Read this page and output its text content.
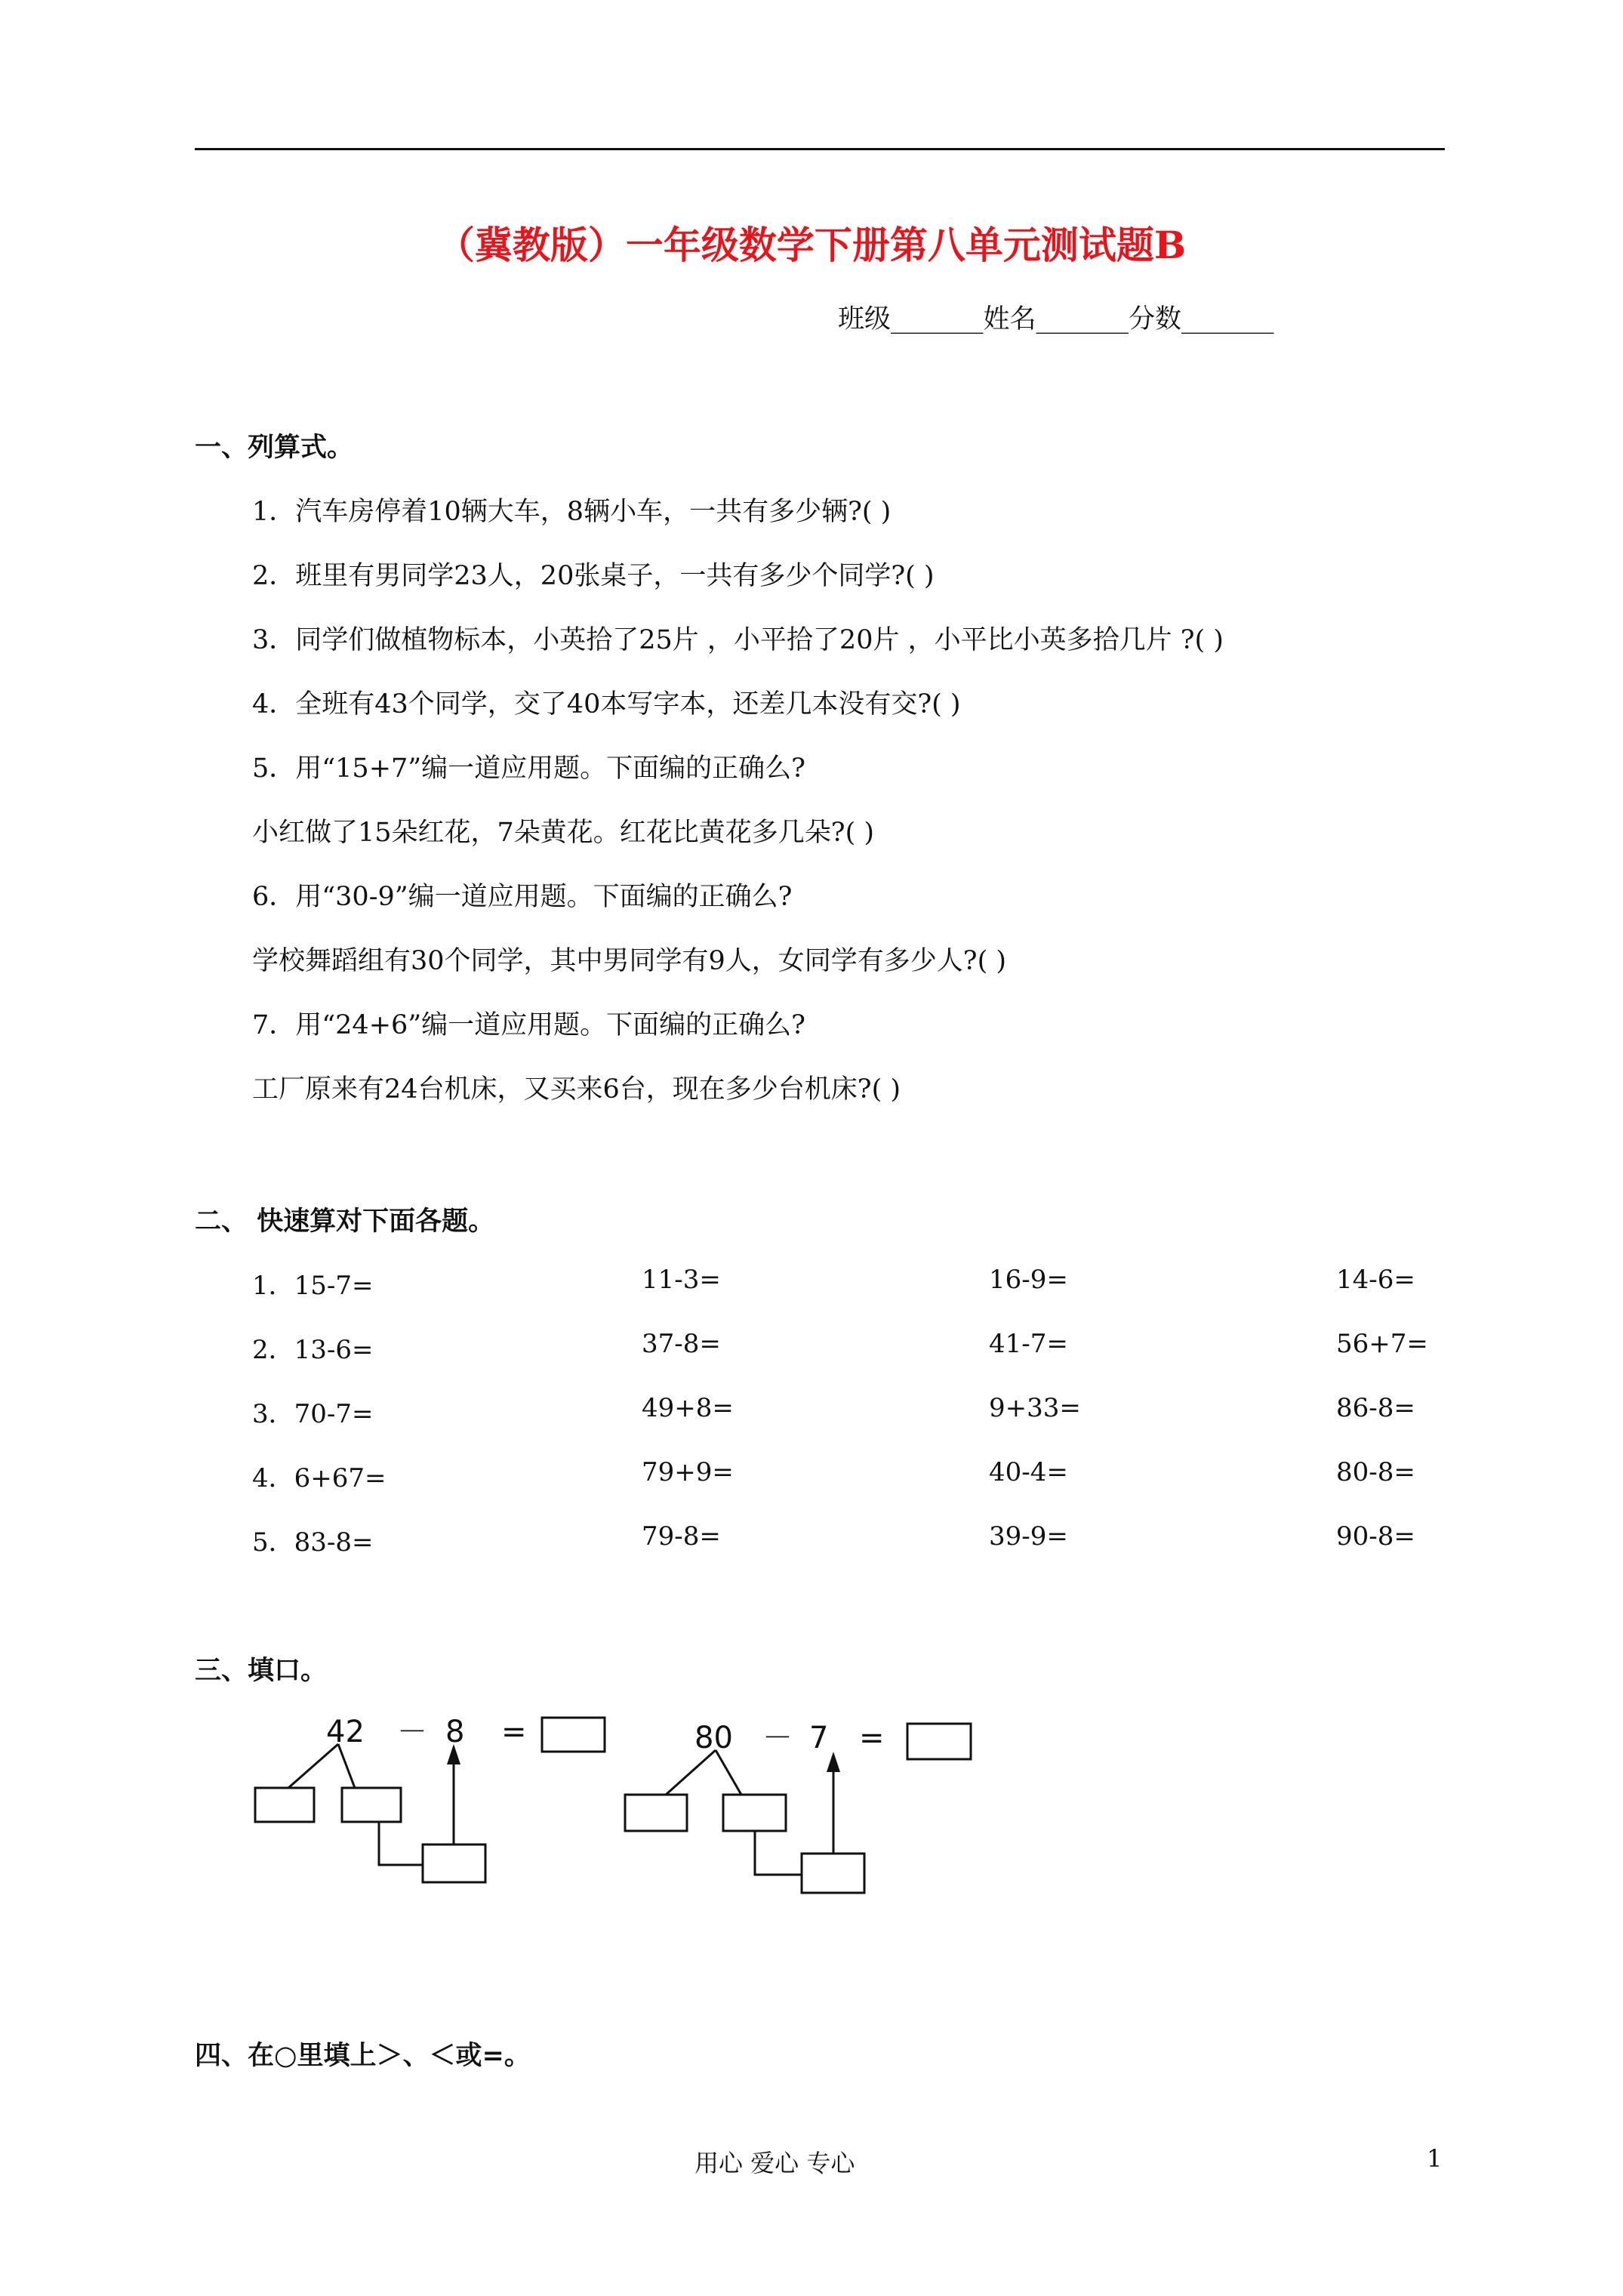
（冀教版）一年级数学下册第八单元测试题B
班级_______姓名_______分数_______
一、列算式。
1．汽车房停着10辆大车，8辆小车，一共有多少辆?( )
2．班里有男同学23人，20张桌子，一共有多少个同学?( )
3．同学们做植物标本，小英拾了25片 ，小平拾了20片 ，小平比小英多拾几片 ?( )
4．全班有43个同学，交了40本写字本，还差几本没有交?( )
5．用“15+7”编一道应用题。下面编的正确么?
小红做了15朵红花，7朵黄花。红花比黄花多几朵?( )
6．用“30-9”编一道应用题。下面编的正确么?
学校舞蹈组有30个同学，其中男同学有9人，女同学有多少人?( )
7．用“24+6”编一道应用题。下面编的正确么?
工厂原来有24台机床，又买来6台，现在多少台机床?( )
二、 快速算对下面各题。
1．15-7=	11-3=	16-9=	14-6=
2．13-6=	37-8=	41-7=	56+7=
3．70-7=	49+8=	9+33=	86-8=
4．6+67=	79+9=	40-4=	80-8=
5．83-8=	79-8=	39-9=	90-8=
三、填口。
42 － 8 =	80 － 7 =
四、在○里填上＞、＜或=。
用心 爱心 专心	1
